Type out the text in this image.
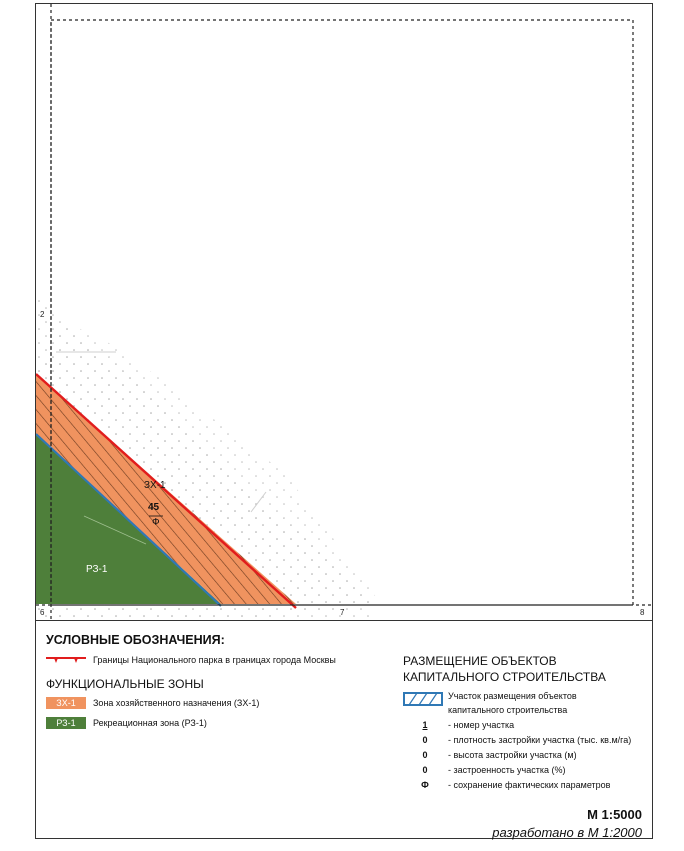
ЗХ-1
45
Ф
РЗ-1
2
6	7	8
УСЛОВНЫЕ ОБОЗНАЧЕНИЯ:
Границы Национального парка в границах города Москвы
ФУНКЦИОНАЛЬНЫЕ ЗОНЫ
ЗХ-1	Зона хозяйственного назначения (ЗХ-1)
РЗ-1	Рекреационная зона (РЗ-1)
РАЗМЕЩЕНИЕ ОБЪЕКТОВ КАПИТАЛЬНОГО СТРОИТЕЛЬСТВА
Участок размещения объектов
капитального строительства
1	- номер участка
0	- плотность застройки участка (тыс. кв.м/га)
0	- высота застройки участка (м)
0	- застроенность участка (%)
Ф	- сохранение фактических параметров
М 1:5000
разработано в М 1:2000
